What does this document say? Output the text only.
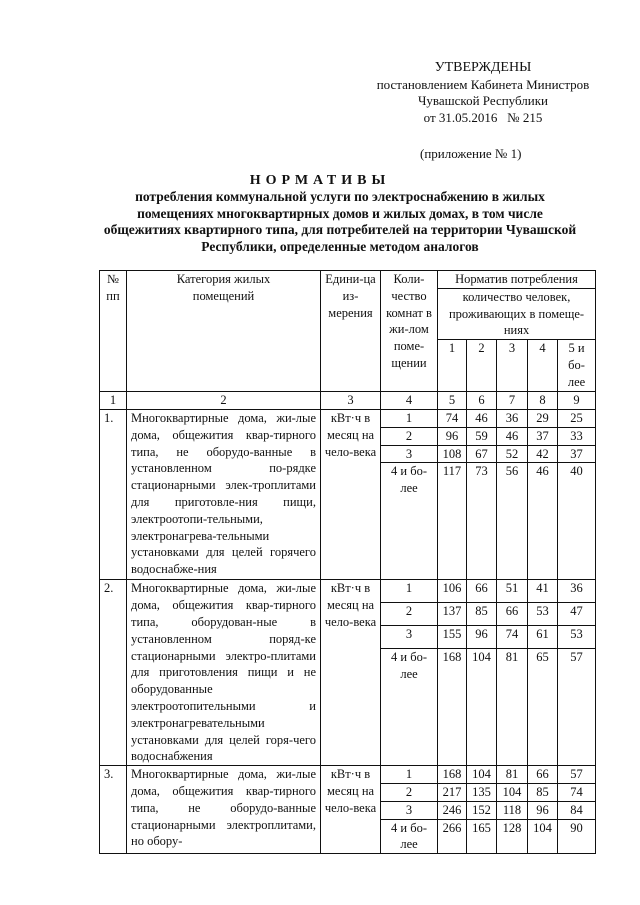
УТВЕРЖДЕНЫ
постановлением Кабинета Министров
Чувашской Республики
от 31.05.2016   № 215
(приложение № 1)
НОРМАТИВЫ
потребления коммунальной услуги по электроснабжению в жилых помещениях многоквартирных домов и жилых домах, в том числе общежитиях квартирного типа, для потребителей на территории Чувашской Республики, определенные методом аналогов
№ пп	Категория жилых помещений	Едини-ца из-мерения	Коли-чество комнат в жи-лом поме-щении	Норматив потребления				
				количество человек, проживающих в помеще-ниях				
				1	2	3	4	5 и бо-лее
1	2	3	4	5	6	7	8	9
1.	Многоквартирные дома, жи-лые дома, общежития квар-тирного типа, не оборудо-ванные в установленном по-рядке стационарными элек-троплитами для приготовле-ния пищи, электроотопи-тельными, электронагрева-тельными установками для целей горячего водоснабже-ния	кВт·ч в месяц на чело-века	1	74	46	36	29	25
			2	96	59	46	37	33
			3	108	67	52	42	37
			4 и бо-лее	117	73	56	46	40
2.	Многоквартирные дома, жи-лые дома, общежития квар-тирного типа, оборудован-ные в установленном поряд-ке стационарными электро-плитами для приготовления пищи и не оборудованные электроотопительными и электронагревательными установками для целей горя-чего водоснабжения	кВт·ч в месяц на чело-века	1	106	66	51	41	36
			2	137	85	66	53	47
			3	155	96	74	61	53
			4 и бо-лее	168	104	81	65	57
3.	Многоквартирные дома, жи-лые дома, общежития квар-тирного типа, не оборудо-ванные стационарными электроплитами, но обору-	кВт·ч в месяц на чело-века	1	168	104	81	66	57
			2	217	135	104	85	74
			3	246	152	118	96	84
			4 и бо-лее	266	165	128	104	90
